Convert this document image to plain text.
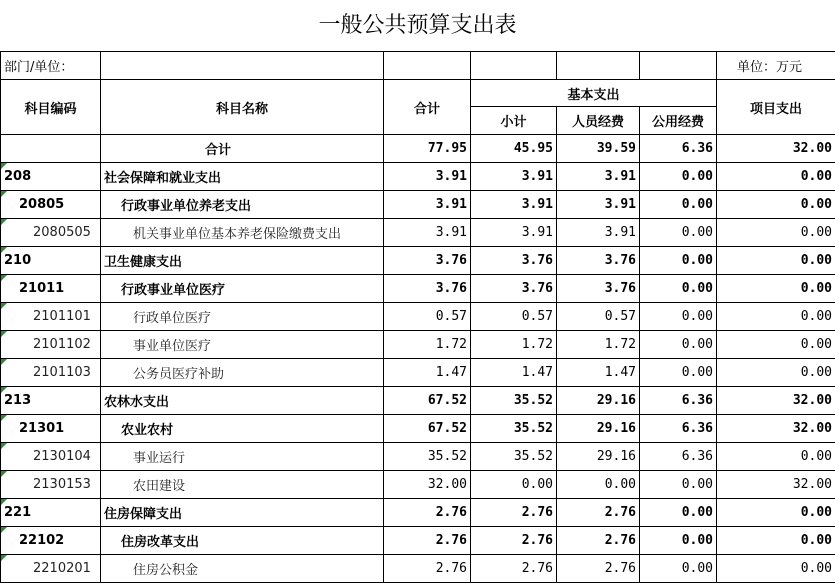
一般公共预算支出表
部门/单位：						单位：万元
科目编码	科目名称	合计	基本支出			项目支出
			小计	人员经费	公用经费	
	合计	77.95	45.95	39.59	6.36	32.00
208	社会保障和就业支出	3.91	3.91	3.91	0.00	0.00
20805	行政事业单位养老支出	3.91	3.91	3.91	0.00	0.00
2080505	机关事业单位基本养老保险缴费支出	3.91	3.91	3.91	0.00	0.00
210	卫生健康支出	3.76	3.76	3.76	0.00	0.00
21011	行政事业单位医疗	3.76	3.76	3.76	0.00	0.00
2101101	行政单位医疗	0.57	0.57	0.57	0.00	0.00
2101102	事业单位医疗	1.72	1.72	1.72	0.00	0.00
2101103	公务员医疗补助	1.47	1.47	1.47	0.00	0.00
213	农林水支出	67.52	35.52	29.16	6.36	32.00
21301	农业农村	67.52	35.52	29.16	6.36	32.00
2130104	事业运行	35.52	35.52	29.16	6.36	0.00
2130153	农田建设	32.00	0.00	0.00	0.00	32.00
221	住房保障支出	2.76	2.76	2.76	0.00	0.00
22102	住房改革支出	2.76	2.76	2.76	0.00	0.00
2210201	住房公积金	2.76	2.76	2.76	0.00	0.00
